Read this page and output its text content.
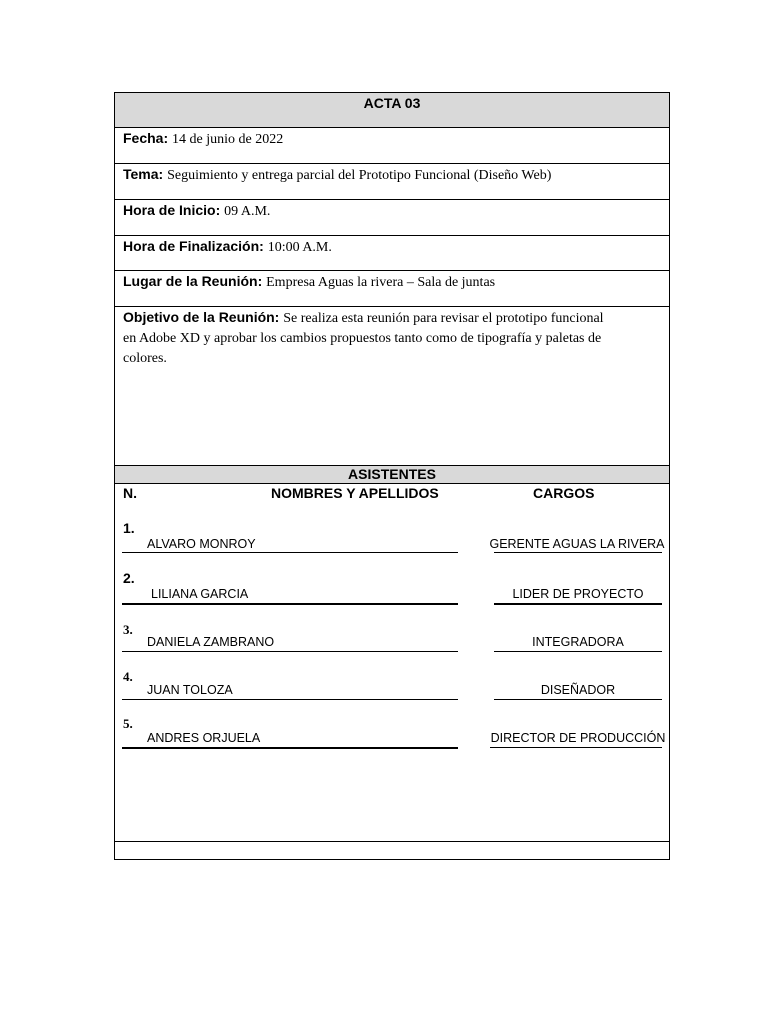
ACTA 03
Fecha: 14 de junio de 2022
Tema: Seguimiento y entrega parcial del Prototipo Funcional (Diseño Web)
Hora de Inicio: 09 A.M.
Hora de Finalización: 10:00 A.M.
Lugar de la Reunión: Empresa Aguas la rivera – Sala de juntas
Objetivo de la Reunión: Se realiza esta reunión para revisar el prototipo funcional en Adobe XD y aprobar los cambios propuestos tanto como de tipografía y paletas de colores.
ASISTENTES
N.	NOMBRES Y APELLIDOS	CARGOS
1.
ALVARO MONROY	GERENTE AGUAS LA RIVERA
2.
LILIANA GARCIA	LIDER DE PROYECTO
3.
DANIELA ZAMBRANO	INTEGRADORA
4.
JUAN TOLOZA	DISEÑADOR
5.
ANDRES ORJUELA	DIRECTOR DE PRODUCCIÓN
